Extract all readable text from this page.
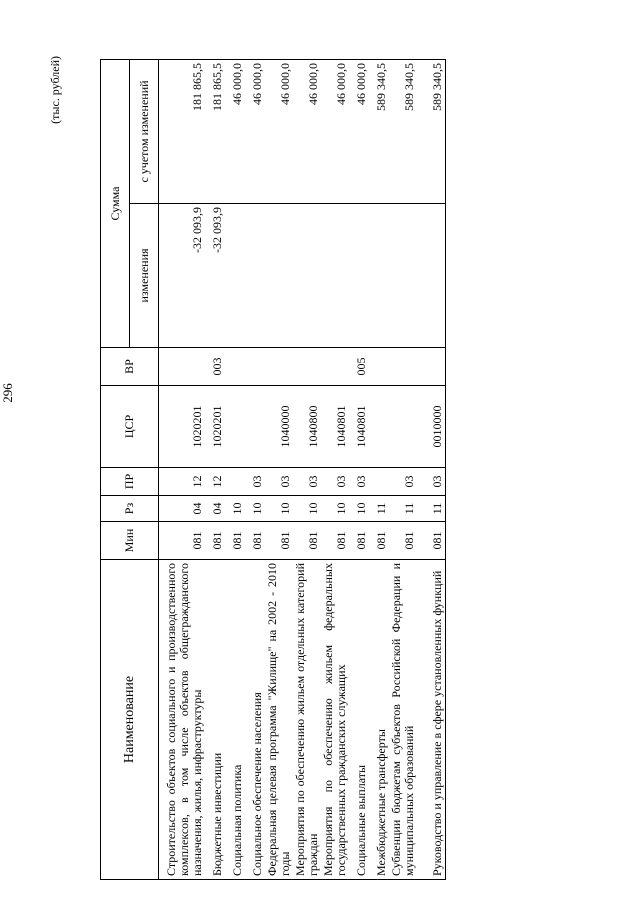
296
(тыс. рублей)
Наименование	Мин	Рз	ПР	ЦСР	ВР	Сумма	
						изменения	с учетом изменений
Строительство объектов социального и производственного комплексов, в том числе объектов общегражданского назначения, жилья, инфраструктуры	081	04	12	1020201		-32 093,9	181 865,5
Бюджетные инвестиции	081	04	12	1020201	003	-32 093,9	181 865,5
Социальная политика	081	10					46 000,0
Социальное обеспечение населения	081	10	03				46 000,0
Федеральная целевая программа "Жилище" на 2002 - 2010 годы	081	10	03	1040000			46 000,0
Мероприятия по обеспечению жильем отдельных категорий граждан	081	10	03	1040800			46 000,0
Мероприятия по обеспечению жильем федеральных государственных гражданских служащих	081	10	03	1040801			46 000,0
Социальные выплаты	081	10	03	1040801	005		46 000,0
Межбюджетные трансферты	081	11					589 340,5
Субвенции бюджетам субъектов Российской Федерации и муниципальных образований	081	11	03				589 340,5
Руководство и управление в сфере установленных функций	081	11	03	0010000			589 340,5
